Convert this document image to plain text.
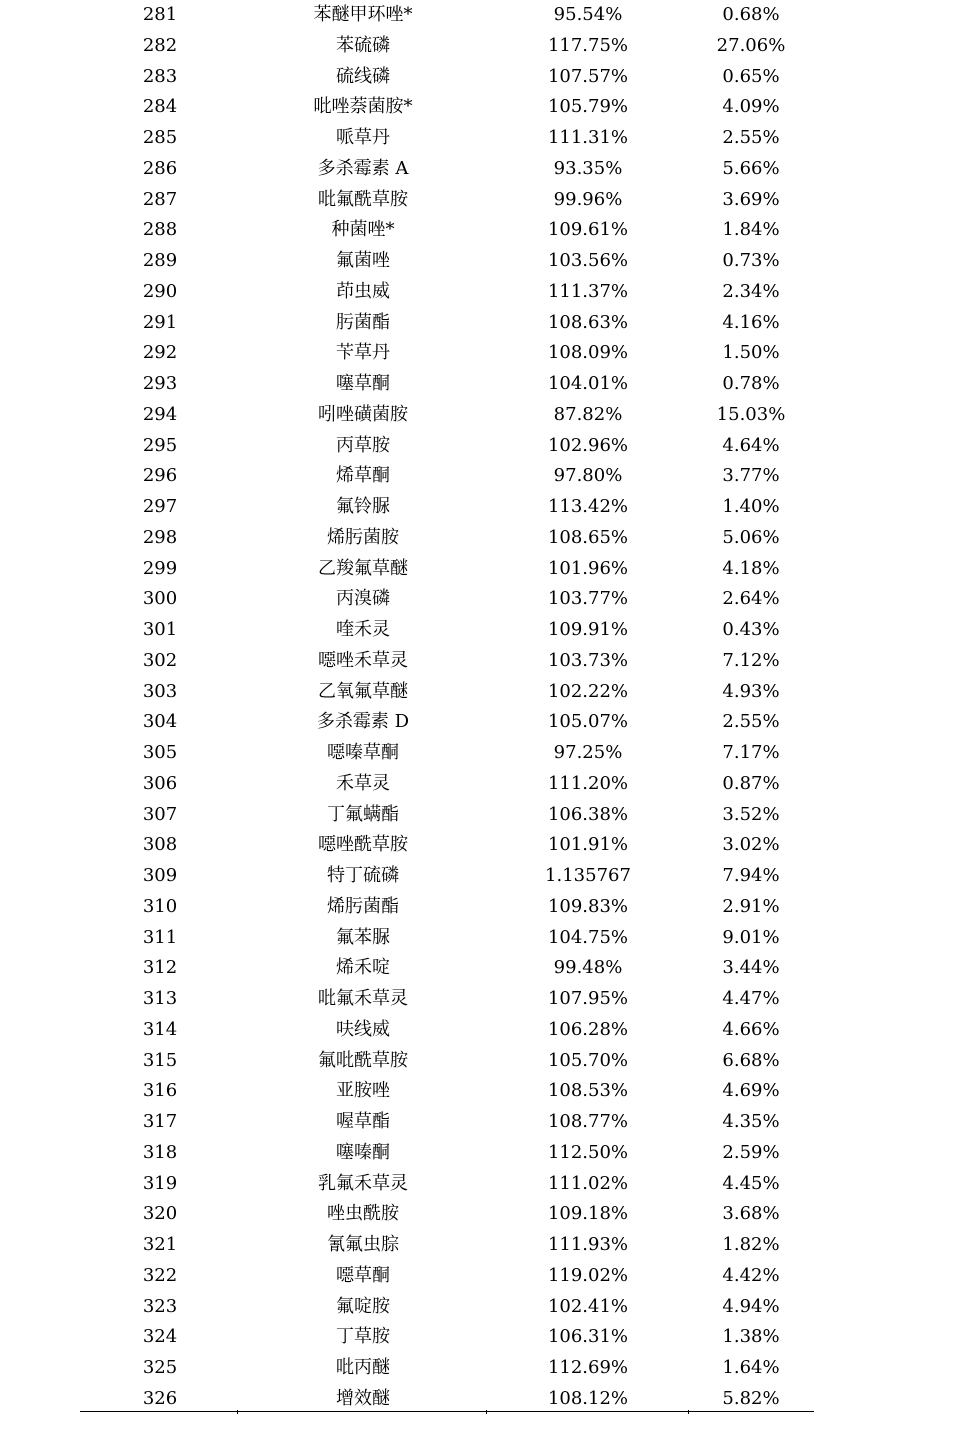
281	苯醚甲环唑*	95.54%	0.68%
282	苯硫磷	117.75%	27.06%
283	硫线磷	107.57%	0.65%
284	吡唑萘菌胺*	105.79%	4.09%
285	哌草丹	111.31%	2.55%
286	多杀霉素 A	93.35%	5.66%
287	吡氟酰草胺	99.96%	3.69%
288	种菌唑*	109.61%	1.84%
289	氟菌唑	103.56%	0.73%
290	茚虫威	111.37%	2.34%
291	肟菌酯	108.63%	4.16%
292	苄草丹	108.09%	1.50%
293	噻草酮	104.01%	0.78%
294	吲唑磺菌胺	87.82%	15.03%
295	丙草胺	102.96%	4.64%
296	烯草酮	97.80%	3.77%
297	氟铃脲	113.42%	1.40%
298	烯肟菌胺	108.65%	5.06%
299	乙羧氟草醚	101.96%	4.18%
300	丙溴磷	103.77%	2.64%
301	喹禾灵	109.91%	0.43%
302	噁唑禾草灵	103.73%	7.12%
303	乙氧氟草醚	102.22%	4.93%
304	多杀霉素 D	105.07%	2.55%
305	噁嗪草酮	97.25%	7.17%
306	禾草灵	111.20%	0.87%
307	丁氟螨酯	106.38%	3.52%
308	噁唑酰草胺	101.91%	3.02%
309	特丁硫磷	1.135767	7.94%
310	烯肟菌酯	109.83%	2.91%
311	氟苯脲	104.75%	9.01%
312	烯禾啶	99.48%	3.44%
313	吡氟禾草灵	107.95%	4.47%
314	呋线威	106.28%	4.66%
315	氟吡酰草胺	105.70%	6.68%
316	亚胺唑	108.53%	4.69%
317	喔草酯	108.77%	4.35%
318	噻嗪酮	112.50%	2.59%
319	乳氟禾草灵	111.02%	4.45%
320	唑虫酰胺	109.18%	3.68%
321	氰氟虫腙	111.93%	1.82%
322	噁草酮	119.02%	4.42%
323	氟啶胺	102.41%	4.94%
324	丁草胺	106.31%	1.38%
325	吡丙醚	112.69%	1.64%
326	增效醚	108.12%	5.82%
